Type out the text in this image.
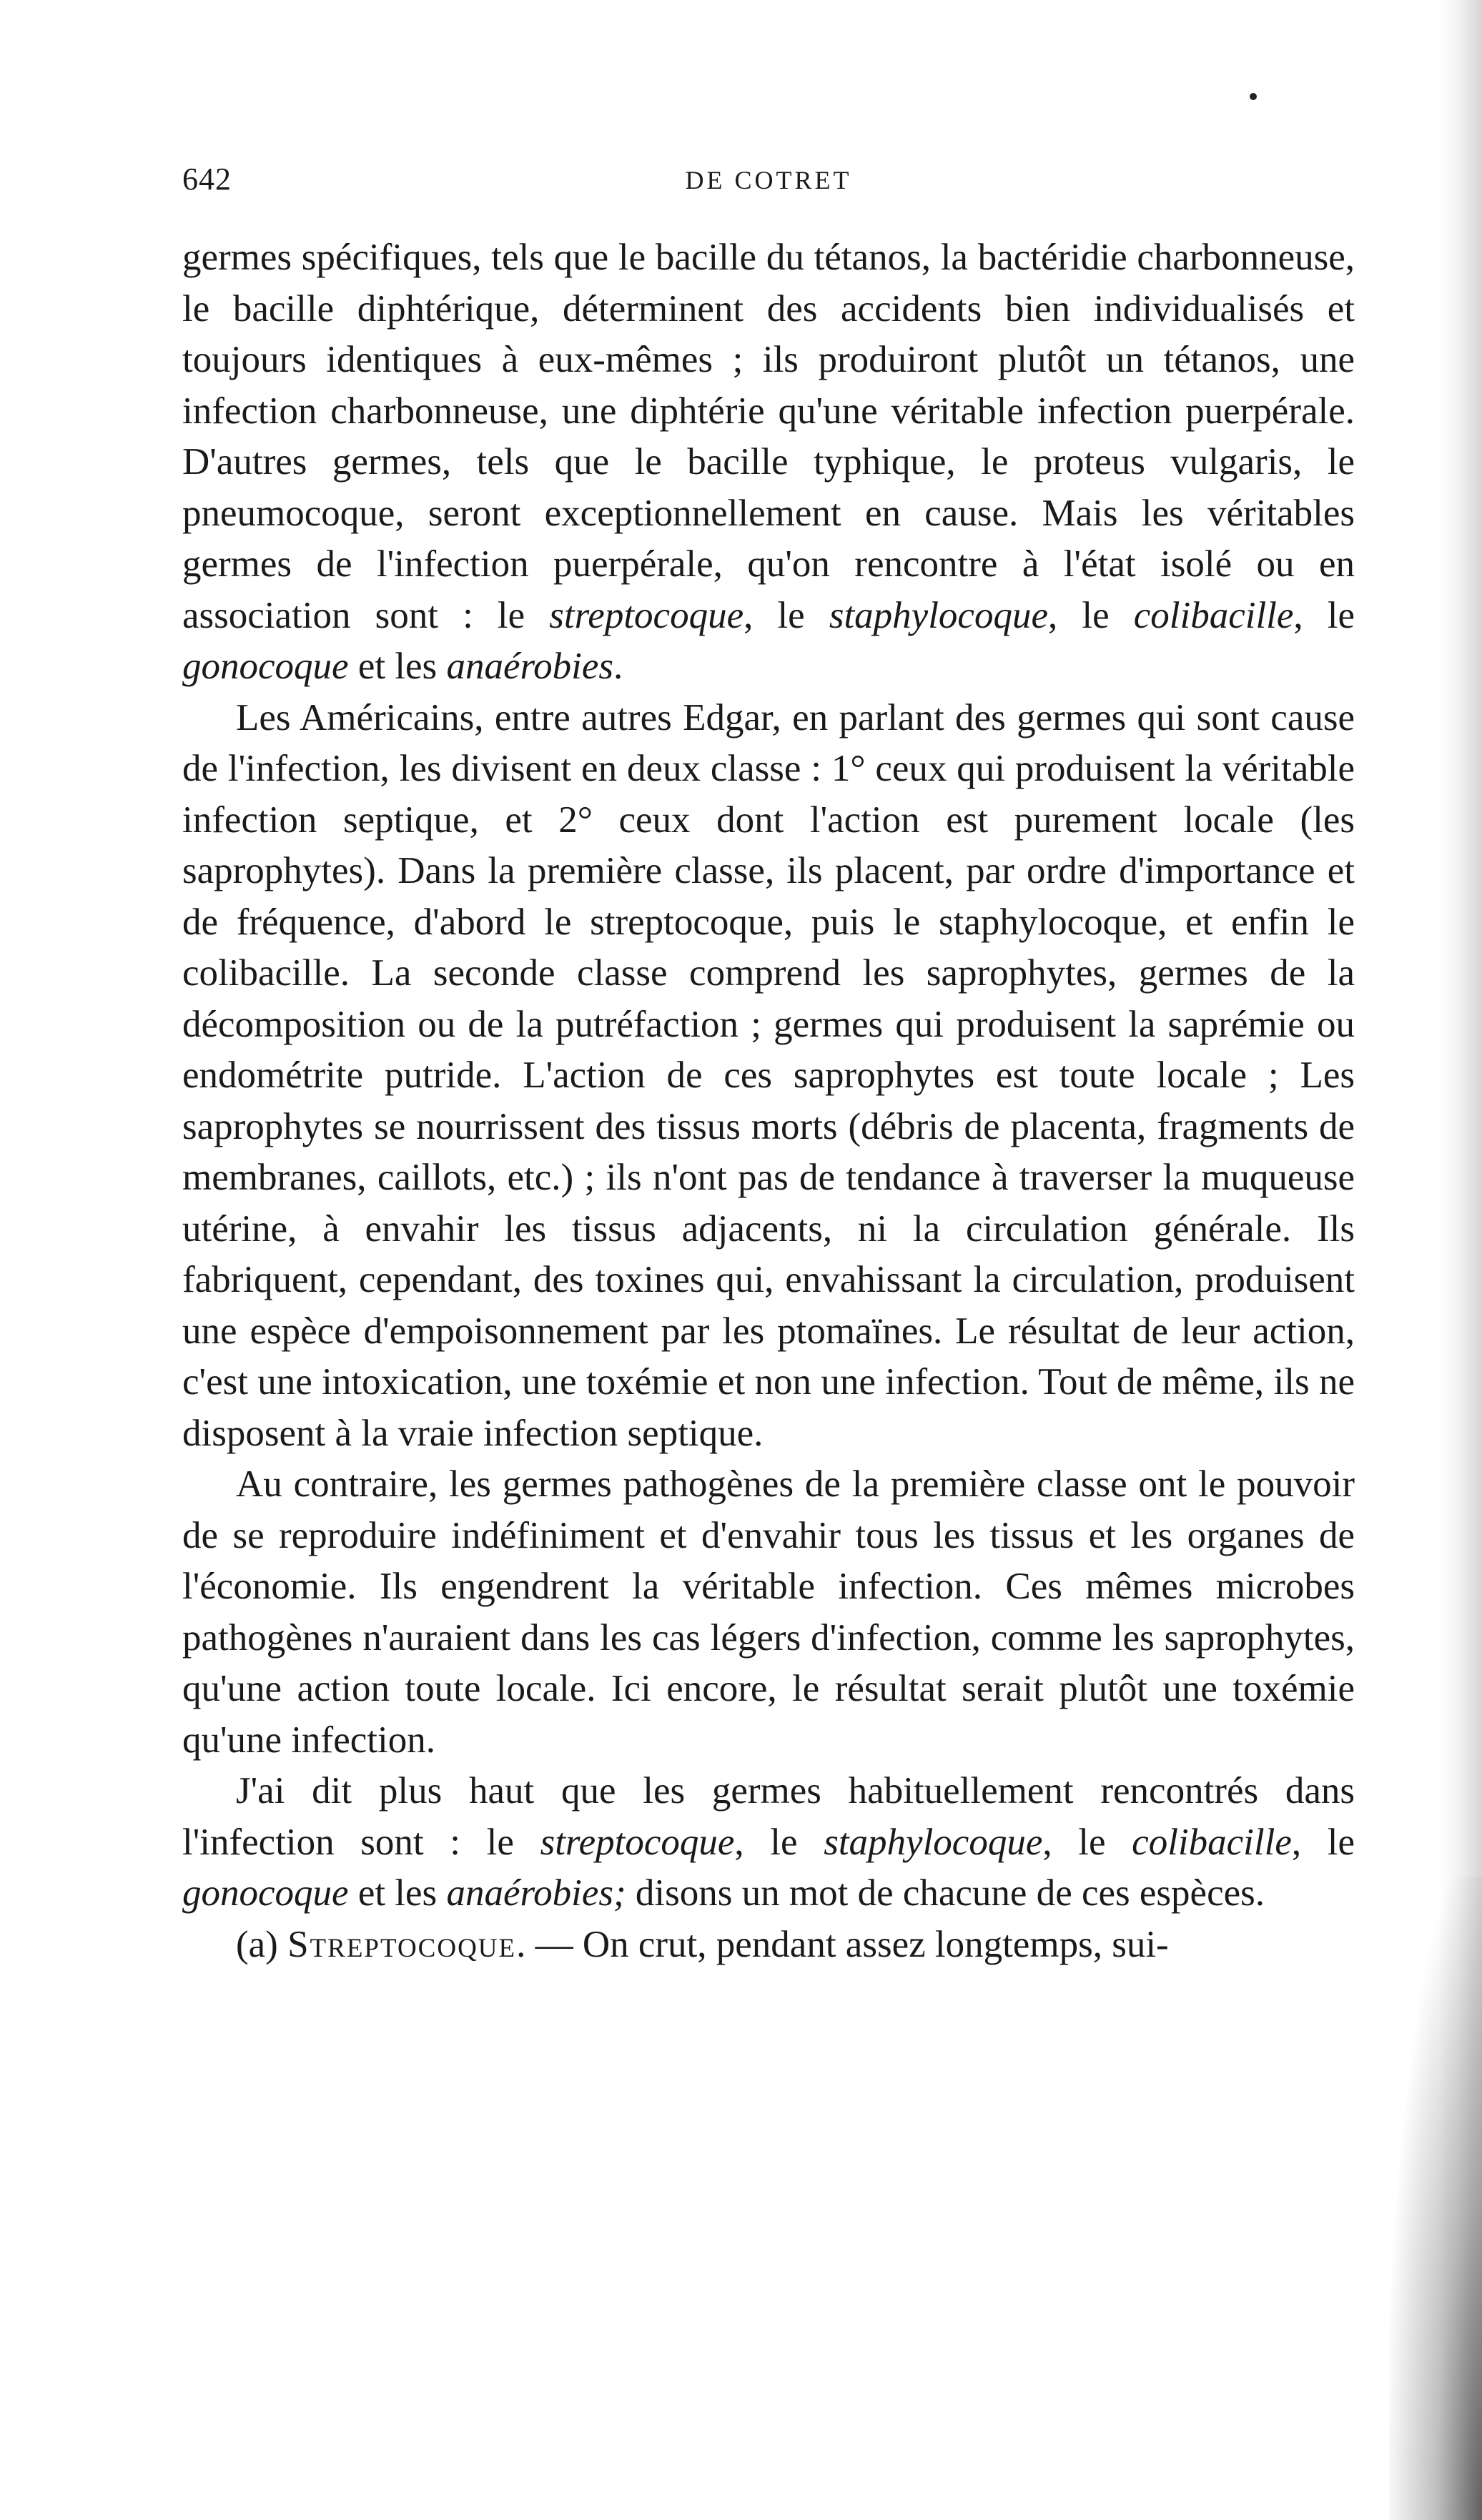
642	DE COTRET

germes spécifiques, tels que le bacille du tétanos, la bactéridie charbonneuse, le bacille diphtérique, déterminent des accidents bien individualisés et toujours identiques à eux-mêmes ; ils produiront plutôt un tétanos, une infection charbonneuse, une diphtérie qu'une véritable infection puerpérale. D'autres germes, tels que le bacille typhique, le proteus vulgaris, le pneumocoque, seront exceptionnellement en cause. Mais les véritables germes de l'infection puerpérale, qu'on rencontre à l'état isolé ou en association sont : le streptocoque, le staphylocoque, le colibacille, le gonocoque et les anaérobies.

Les Américains, entre autres Edgar, en parlant des germes qui sont cause de l'infection, les divisent en deux classe : 1° ceux qui produisent la véritable infection septique, et 2° ceux dont l'action est purement locale (les saprophytes). Dans la première classe, ils placent, par ordre d'importance et de fréquence, d'abord le streptocoque, puis le staphylocoque, et enfin le colibacille. La seconde classe comprend les saprophytes, germes de la décomposition ou de la putréfaction ; germes qui produisent la saprémie ou endométrite putride. L'action de ces saprophytes est toute locale ; Les saprophytes se nourrissent des tissus morts (débris de placenta, fragments de membranes, caillots, etc.) ; ils n'ont pas de tendance à traverser la muqueuse utérine, à envahir les tissus adjacents, ni la circulation générale. Ils fabriquent, cependant, des toxines qui, envahissant la circulation, produisent une espèce d'empoisonnement par les ptomaïnes. Le résultat de leur action, c'est une intoxication, une toxémie et non une infection. Tout de même, ils ne disposent à la vraie infection septique.

Au contraire, les germes pathogènes de la première classe ont le pouvoir de se reproduire indéfiniment et d'envahir tous les tissus et les organes de l'économie. Ils engendrent la véritable infection. Ces mêmes microbes pathogènes n'auraient dans les cas légers d'infection, comme les saprophytes, qu'une action toute locale. Ici encore, le résultat serait plutôt une toxémie qu'une infection.

J'ai dit plus haut que les germes habituellement rencontrés dans l'infection sont : le streptocoque, le staphylocoque, le colibacille, le gonocoque et les anaérobies; disons un mot de chacune de ces espèces.

(a) Streptocoque. — On crut, pendant assez longtemps, sui-
